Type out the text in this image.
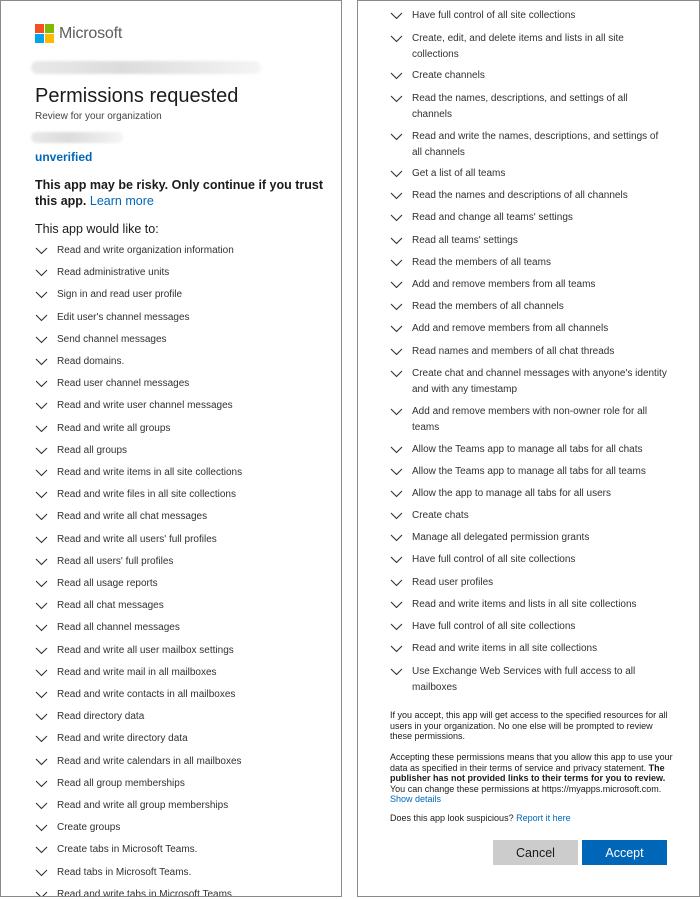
Microsoft
Permissions requested
Review for your organization
unverified
This app may be risky. Only continue if you trust this app. Learn more
This app would like to:
Read and write organization information
Read administrative units
Sign in and read user profile
Edit user's channel messages
Send channel messages
Read domains.
Read user channel messages
Read and write user channel messages
Read and write all groups
Read all groups
Read and write items in all site collections
Read and write files in all site collections
Read and write all chat messages
Read and write all users' full profiles
Read all users' full profiles
Read all usage reports
Read all chat messages
Read all channel messages
Read and write all user mailbox settings
Read and write mail in all mailboxes
Read and write contacts in all mailboxes
Read directory data
Read and write directory data
Read and write calendars in all mailboxes
Read all group memberships
Read and write all group memberships
Create groups
Create tabs in Microsoft Teams.
Read tabs in Microsoft Teams.
Read and write tabs in Microsoft Teams.
Have full control of all site collections
Create, edit, and delete items and lists in all site collections
Create channels
Read the names, descriptions, and settings of all channels
Read and write the names, descriptions, and settings of all channels
Get a list of all teams
Read the names and descriptions of all channels
Read and change all teams' settings
Read all teams' settings
Read the members of all teams
Add and remove members from all teams
Read the members of all channels
Add and remove members from all channels
Read names and members of all chat threads
Create chat and channel messages with anyone's identity and with any timestamp
Add and remove members with non-owner role for all teams
Allow the Teams app to manage all tabs for all chats
Allow the Teams app to manage all tabs for all teams
Allow the app to manage all tabs for all users
Create chats
Manage all delegated permission grants
Have full control of all site collections
Read user profiles
Read and write items and lists in all site collections
Have full control of all site collections
Read and write items in all site collections
Use Exchange Web Services with full access to all mailboxes
If you accept, this app will get access to the specified resources for all users in your organization. No one else will be prompted to review these permissions.
Accepting these permissions means that you allow this app to use your data as specified in their terms of service and privacy statement. The publisher has not provided links to their terms for you to review. You can change these permissions at https://myapps.microsoft.com. Show details
Does this app look suspicious? Report it here
Cancel	Accept
